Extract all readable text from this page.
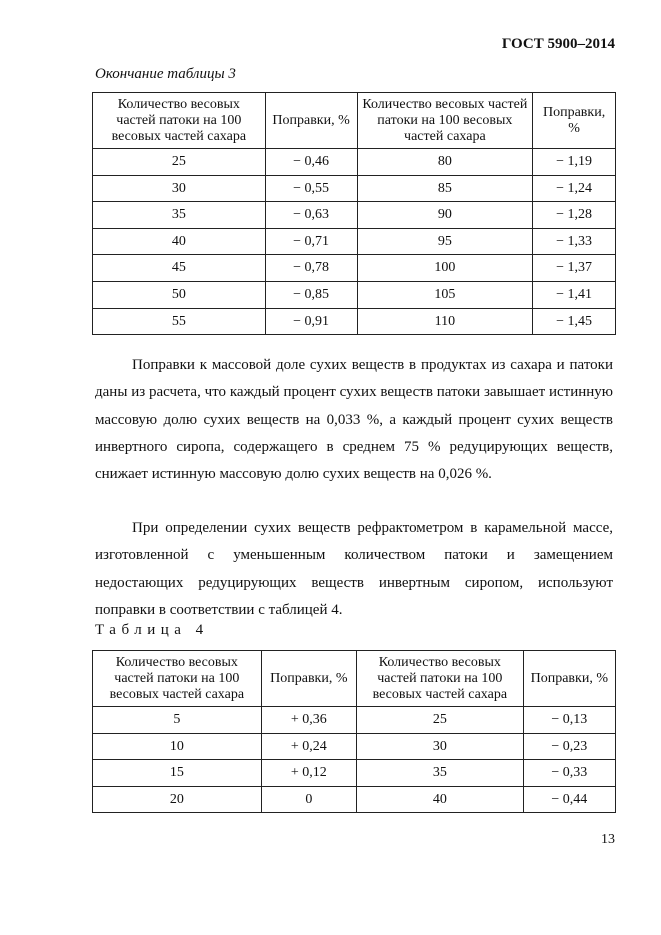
ГОСТ 5900–2014
Окончание таблицы 3
Количество весовых частей патоки на 100 весовых частей сахара	Поправки, %	Количество весовых частей патоки на 100 весовых частей сахара	Поправки, %
25	− 0,46	80	− 1,19
30	− 0,55	85	− 1,24
35	− 0,63	90	− 1,28
40	− 0,71	95	− 1,33
45	− 0,78	100	− 1,37
50	− 0,85	105	− 1,41
55	− 0,91	110	− 1,45
Поправки к массовой доле сухих веществ в продуктах из сахара и патоки даны из расчета, что каждый процент сухих веществ патоки завышает истинную массовую долю сухих веществ на 0,033 %, а каждый процент сухих веществ инвертного сиропа, содержащего в среднем 75 % редуцирующих веществ, снижает истинную массовую долю сухих веществ на 0,026 %.
При определении сухих веществ рефрактометром в карамельной массе, изготовленной с уменьшенным количеством патоки и замещением недостающих редуцирующих веществ инвертным сиропом, используют поправки в соответствии с таблицей 4.
Таблица 4
Количество весовых частей патоки на 100 весовых частей сахара	Поправки, %	Количество весовых частей патоки на 100 весовых частей сахара	Поправки, %
5	+ 0,36	25	− 0,13
10	+ 0,24	30	− 0,23
15	+ 0,12	35	− 0,33
20	0	40	− 0,44
13
